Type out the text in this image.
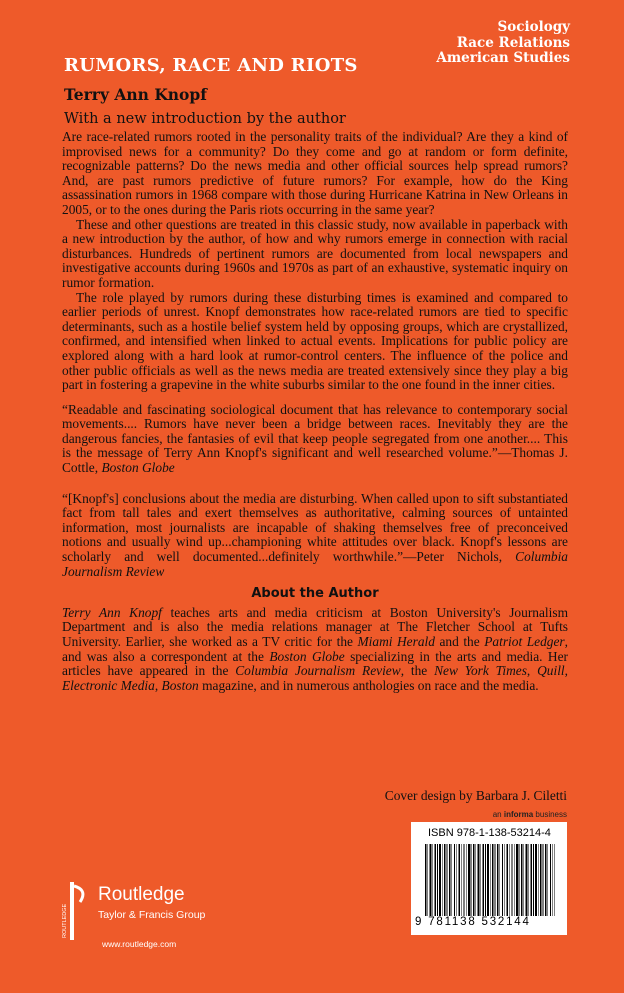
Sociology
Race Relations
American Studies
RUMORS, RACE AND RIOTS
Terry Ann Knopf
With a new introduction by the author

Are race-related rumors rooted in the personality traits of the individual? Are they a kind of improvised news for a community? Do they come and go at random or form definite, recognizable patterns? Do the news media and other official sources help spread rumors? And, are past rumors predictive of future rumors? For example, how do the King assassination rumors in 1968 compare with those during Hurricane Katrina in New Orleans in 2005, or to the ones during the Paris riots occurring in the same year?

These and other questions are treated in this classic study, now available in paperback with a new introduction by the author, of how and why rumors emerge in connection with racial disturbances. Hundreds of pertinent rumors are documented from local newspapers and investigative accounts during 1960s and 1970s as part of an exhaustive, systematic inquiry on rumor formation.

The role played by rumors during these disturbing times is examined and compared to earlier periods of unrest. Knopf demonstrates how race-related rumors are tied to specific determinants, such as a hostile belief system held by opposing groups, which are crystallized, confirmed, and intensified when linked to actual events. Implications for public policy are explored along with a hard look at rumor-control centers. The influence of the police and other public officials as well as the news media are treated extensively since they play a big part in fostering a grapevine in the white suburbs similar to the one found in the inner cities.

“Readable and fascinating sociological document that has relevance to contemporary social movements.... Rumors have never been a bridge between races. Inevitably they are the dangerous fancies, the fantasies of evil that keep people segregated from one another.... This is the message of Terry Ann Knopf's significant and well researched volume.”—Thomas J. Cottle, Boston Globe

“[Knopf's] conclusions about the media are disturbing. When called upon to sift substantiated fact from tall tales and exert themselves as authoritative, calming sources of untainted information, most journalists are incapable of shaking themselves free of preconceived notions and usually wind up...championing white attitudes over black. Knopf's lessons are scholarly and well documented...definitely worthwhile.”—Peter Nichols, Columbia Journalism Review

About the Author

Terry Ann Knopf teaches arts and media criticism at Boston University's Journalism Department and is also the media relations manager at The Fletcher School at Tufts University. Earlier, she worked as a TV critic for the Miami Herald and the Patriot Ledger, and was also a correspondent at the Boston Globe specializing in the arts and media. Her articles have appeared in the Columbia Journalism Review, the New York Times, Quill, Electronic Media, Boston magazine, and in numerous anthologies on race and the media.

Cover design by Barbara J. Ciletti
an informa business
ISBN 978-1-138-53214-4
9 781138 532144
ROUTLEDGE
Routledge
Taylor & Francis Group
www.routledge.com
